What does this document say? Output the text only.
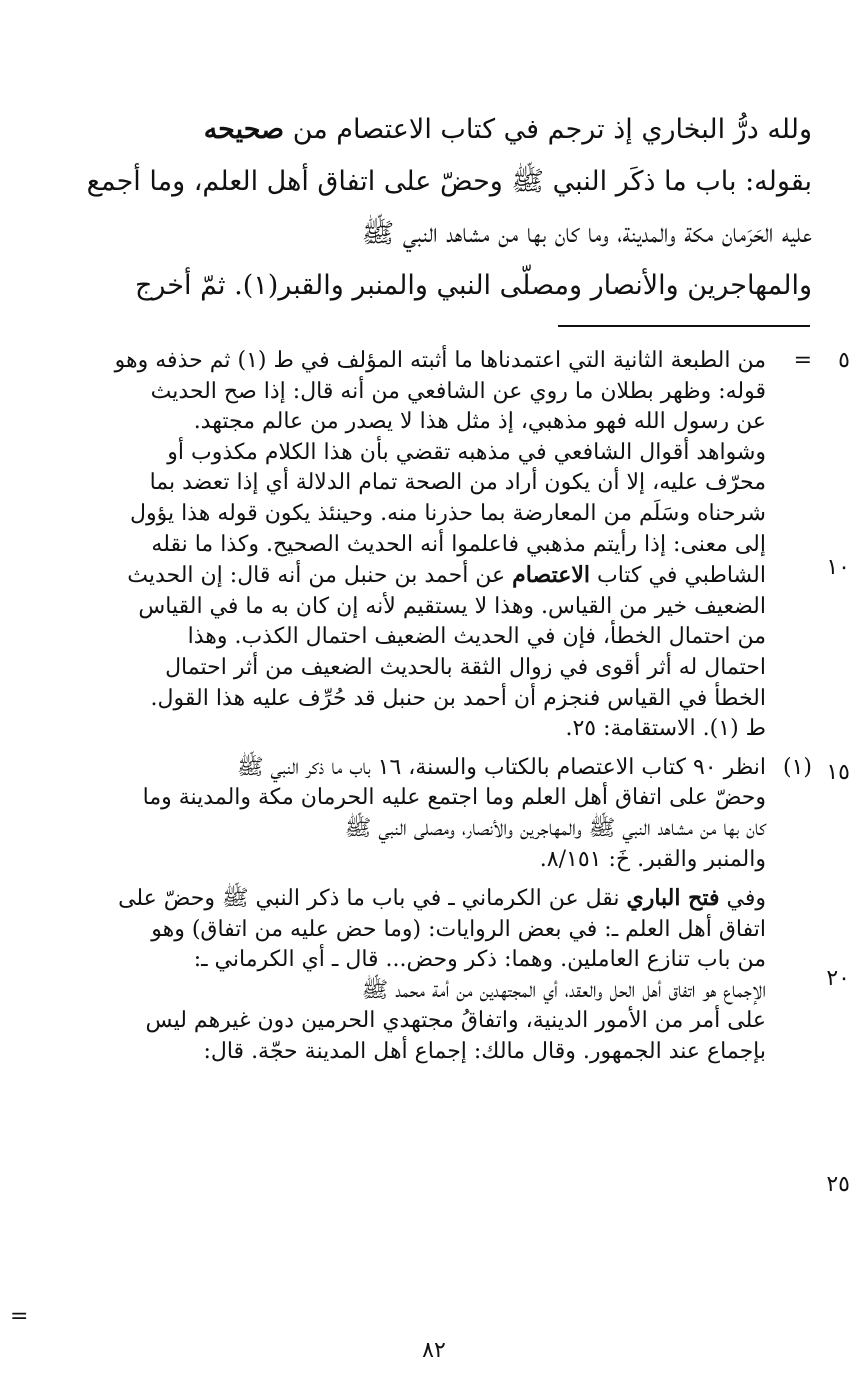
ولله درُّ البخاري إذ ترجم في كتاب الاعتصام من صحيحه

بقوله: باب ما ذكَر النبي ﷺ وحضّ على اتفاق أهل العلم، وما أجمع

عليه الحَرَمان مكة والمدينة، وما كان بها من مشاهد النبي ﷺ

والمهاجرين والأنصار ومصلّى النبي والمنبر والقبر(١). ثمّ أخرج

=من الطبعة الثانية التي اعتمدناها ما أثبته المؤلف في ط (١) ثم حذفه وهو
قوله: وظهر بطلان ما روي عن الشافعي من أنه قال: إذا صح الحديث
عن رسول الله فهو مذهبي، إذ مثل هذا لا يصدر من عالم مجتهد.
وشواهد أقوال الشافعي في مذهبه تقضي بأن هذا الكلام مكذوب أو
محرّف عليه، إلا أن يكون أراد من الصحة تمام الدلالة أي إذا تعضد بما
شرحناه وسَلَم من المعارضة بما حذرنا منه. وحينئذ يكون قوله هذا يؤول
إلى معنى: إذا رأيتم مذهبي فاعلموا أنه الحديث الصحيح. وكذا ما نقله
الشاطبي في كتاب الاعتصام عن أحمد بن حنبل من أنه قال: إن الحديث
الضعيف خير من القياس. وهذا لا يستقيم لأنه إن كان به ما في القياس
من احتمال الخطأ، فإن في الحديث الضعيف احتمال الكذب. وهذا
احتمال له أثر أقوى في زوال الثقة بالحديث الضعيف من أثر احتمال
الخطأ في القياس فنجزم أن أحمد بن حنبل قد حُرِّف عليه هذا القول.
ط (١). الاستقامة: ٢٥.
(١)انظر ٩٠ كتاب الاعتصام بالكتاب والسنة، ١٦ باب ما ذكر النبي ﷺ
وحضّ على اتفاق أهل العلم وما اجتمع عليه الحرمان مكة والمدينة وما
كان بها من مشاهد النبي ﷺ والمهاجرين والأنصار، ومصلى النبي ﷺ
والمنبر والقبر. خَ: ٨/١٥١.
وفي فتح الباري نقل عن الكرماني ـ في باب ما ذكر النبي ﷺ وحضّ على
اتفاق أهل العلم ـ: في بعض الروايات: (وما حض عليه من اتفاق) وهو
من باب تنازع العاملين. وهما: ذكر وحض... قال ـ أي الكرماني ـ:
الإجماع هو اتفاق أهل الحل والعقد، أي المجتهدين من أمة محمد ﷺ
على أمر من الأمور الدينية، واتفاقُ مجتهدي الحرمين دون غيرهم ليس
بإجماع عند الجمهور. وقال مالك: إجماع أهل المدينة حجّة. قال:
=
٥
١٠
١٥
٢٠
٢٥
٨٢
